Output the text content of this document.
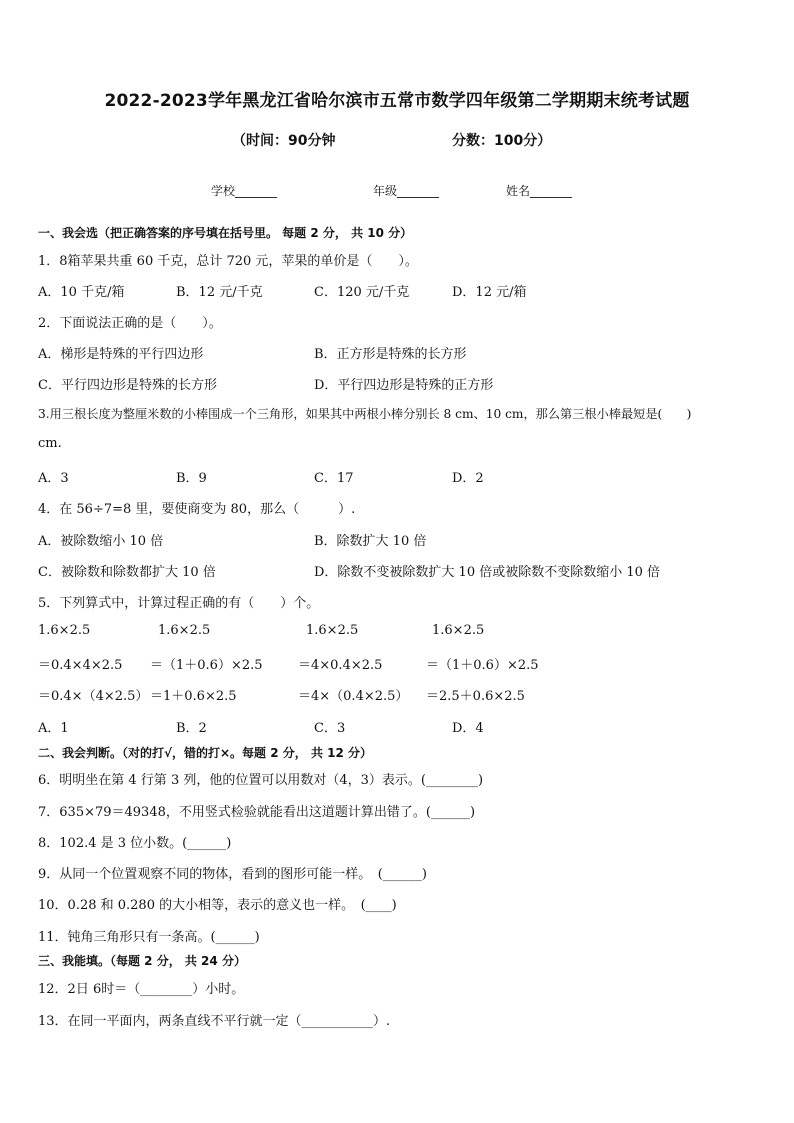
2022-2023学年黑龙江省哈尔滨市五常市数学四年级第二学期期末统考试题
（时间：90分钟	分数：100分）
学校_______	年级_______	姓名_______
一、我会选（把正确答案的序号填在括号里。 每题 2 分， 共 10 分）
1．8箱苹果共重 60 千克，总计 720 元，苹果的单价是（　　）。
A．10 千克/箱	B．12 元/千克	C．120 元/千克	D．12 元/箱
2．下面说法正确的是（　　）。
A．梯形是特殊的平行四边形	B．正方形是特殊的长方形
C．平行四边形是特殊的长方形	D．平行四边形是特殊的正方形
3.用三根长度为整厘米数的小棒围成一个三角形，如果其中两根小棒分别长 8 cm、10 cm，那么第三根小棒最短是(　　)
cm.
A．3	B．9	C．17	D．2
4．在 56÷7=8 里，要使商变为 80，那么（　　　）.
A．被除数缩小 10 倍	B．除数扩大 10 倍
C．被除数和除数都扩大 10 倍	D．除数不变被除数扩大 10 倍或被除数不变除数缩小 10 倍
5．下列算式中，计算过程正确的有（　　）个。
1.6×2.5	1.6×2.5	1.6×2.5	1.6×2.5
＝0.4×4×2.5 ＝（1＋0.6）×2.5	＝4×0.4×2.5	＝（1＋0.6）×2.5
＝0.4×（4×2.5） ＝1＋0.6×2.5	＝4×（0.4×2.5） ＝2.5＋0.6×2.5
A．1	B．2	C．3	D．4
二、我会判断。（对的打√，错的打×。每题 2 分， 共 12 分）
6．明明坐在第 4 行第 3 列，他的位置可以用数对（4，3）表示。(________)
7．635×79＝49348，不用竖式检验就能看出这道题计算出错了。(______)
8．102.4 是 3 位小数。(______)
9．从同一个位置观察不同的物体，看到的图形可能一样。　(______)
10．0.28 和 0.280 的大小相等，表示的意义也一样。　(____)
11．钝角三角形只有一条高。(______)
三、我能填。（每题 2 分， 共 24 分）
12．2日 6时＝（________）小时。
13．在同一平面内，两条直线不平行就一定（___________）.
